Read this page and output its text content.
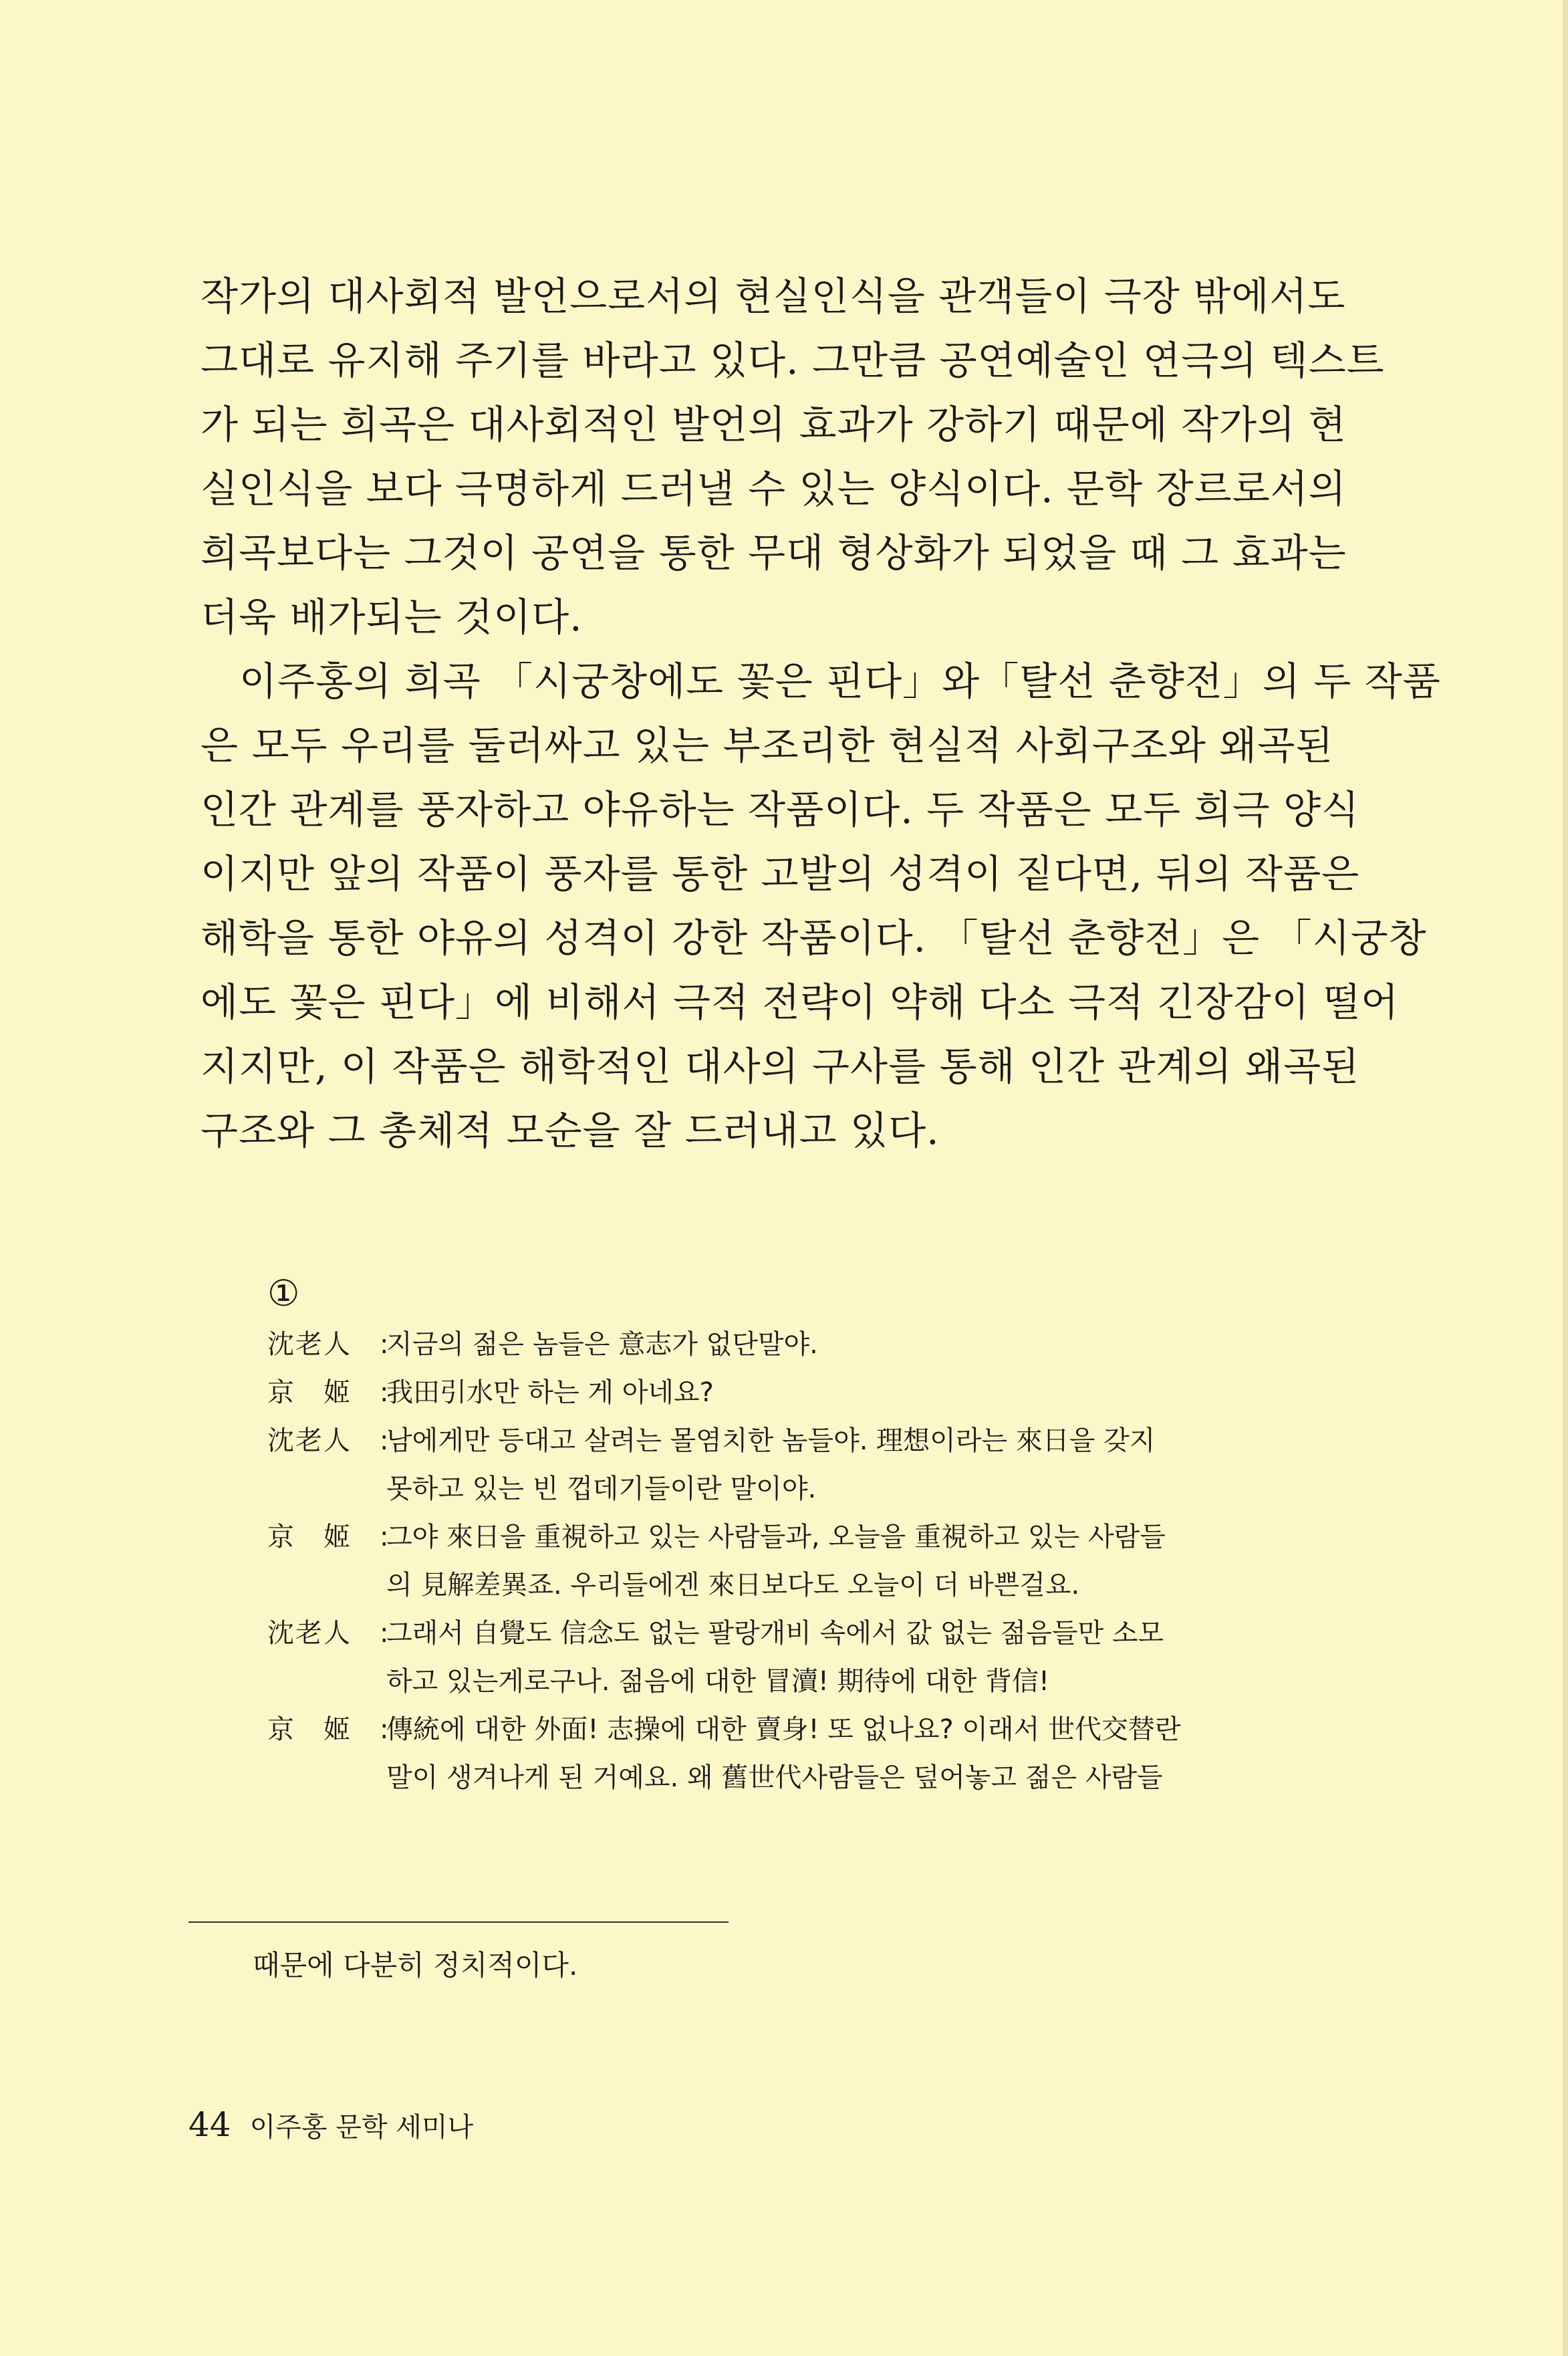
작가의 대사회적 발언으로서의 현실인식을 관객들이 극장 밖에서도
그대로 유지해 주기를 바라고 있다. 그만큼 공연예술인 연극의 텍스트
가 되는 희곡은 대사회적인 발언의 효과가 강하기 때문에 작가의 현
실인식을 보다 극명하게 드러낼 수 있는 양식이다. 문학 장르로서의
희곡보다는 그것이 공연을 통한 무대 형상화가 되었을 때 그 효과는
더욱 배가되는 것이다.
이주홍의 희곡 「시궁창에도 꽃은 핀다」와「탈선 춘향전」의 두 작품
은 모두 우리를 둘러싸고 있는 부조리한 현실적 사회구조와 왜곡된
인간 관계를 풍자하고 야유하는 작품이다. 두 작품은 모두 희극 양식
이지만 앞의 작품이 풍자를 통한 고발의 성격이 짙다면, 뒤의 작품은
해학을 통한 야유의 성격이 강한 작품이다. 「탈선 춘향전」은 「시궁창
에도 꽃은 핀다」에 비해서 극적 전략이 약해 다소 극적 긴장감이 떨어
지지만, 이 작품은 해학적인 대사의 구사를 통해 인간 관계의 왜곡된
구조와 그 총체적 모순을 잘 드러내고 있다.
①
沈老人	:
지금의 젊은 놈들은 意志가 없단말야.
京　姬	:
我田引水만 하는 게 아네요?
沈老人	:
남에게만 등대고 살려는 몰염치한 놈들야. 理想이라는 來日을 갖지
못하고 있는 빈 껍데기들이란 말이야.
京　姬	:
그야 來日을 重視하고 있는 사람들과, 오늘을 重視하고 있는 사람들
의 見解差異죠. 우리들에겐 來日보다도 오늘이 더 바쁜걸요.
沈老人	:
그래서 自覺도 信念도 없는 팔랑개비 속에서 값 없는 젊음들만 소모
하고 있는게로구나. 젊음에 대한 冒瀆! 期待에 대한 背信!
京　姬	:
傳統에 대한 外面! 志操에 대한 賣身! 또 없나요? 이래서 世代交替란
말이 생겨나게 된 거예요. 왜 舊世代사람들은 덮어놓고 젊은 사람들
때문에 다분히 정치적이다.
44 이주홍 문학 세미나
